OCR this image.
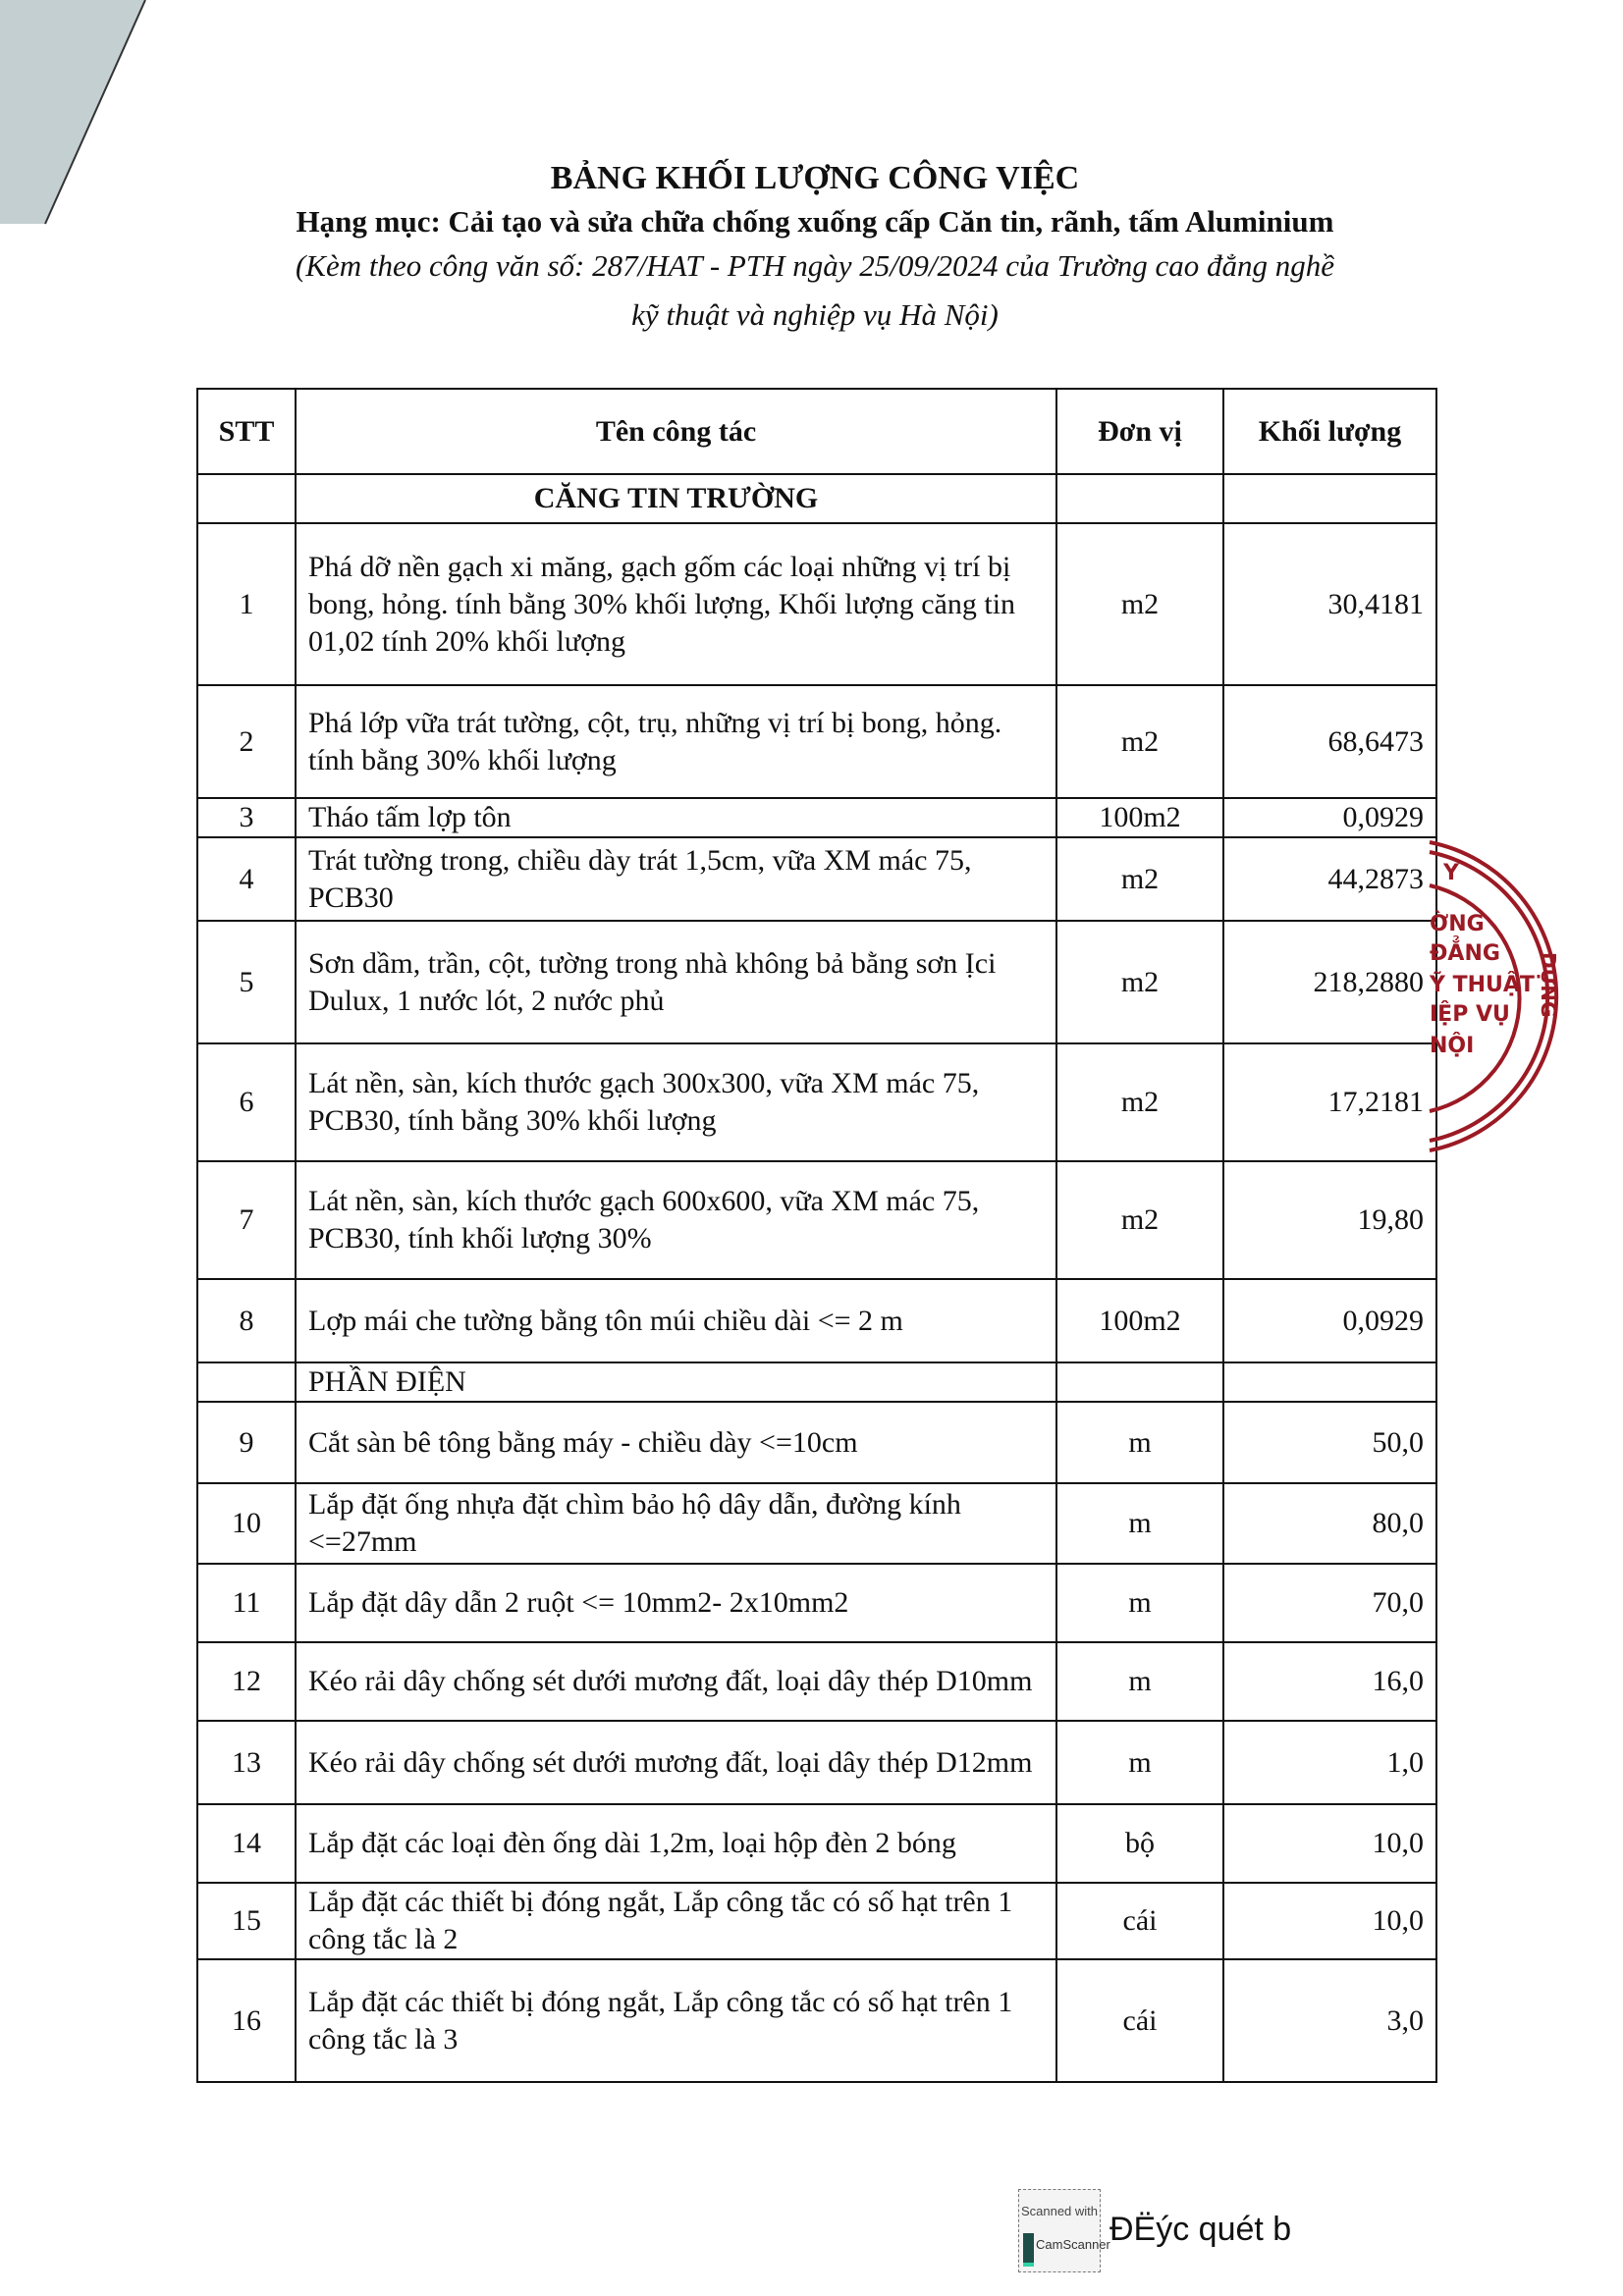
BẢNG KHỐI LƯỢNG CÔNG VIỆC
Hạng mục: Cải tạo và sửa chữa chống xuống cấp Căn tin, rãnh, tấm Aluminium
(Kèm theo công văn số: 287/HAT - PTH ngày 25/09/2024 của Trường cao đẳng nghề
kỹ thuật và nghiệp vụ Hà Nội)
STT	Tên công tác	Đơn vị	Khối lượng
	CĂNG TIN TRƯỜNG		
1	Phá dỡ nền gạch xi măng, gạch gốm các loại những vị trí bị bong, hỏng. tính bằng 30% khối lượng, Khối lượng căng tin 01,02 tính 20% khối lượng	m2	30,4181
2	Phá lớp vữa trát tường, cột, trụ, những vị trí bị bong, hỏng. tính bằng 30% khối lượng	m2	68,6473
3	Tháo tấm lợp tôn	100m2	0,0929
4	Trát tường trong, chiều dày trát 1,5cm, vữa XM mác 75, PCB30	m2	44,2873
5	Sơn dầm, trần, cột, tường trong nhà không bả bằng sơn Ịci Dulux, 1 nước lót, 2 nước phủ	m2	218,2880
6	Lát nền, sàn, kích thước gạch 300x300, vữa XM mác 75, PCB30, tính bằng 30% khối lượng	m2	17,2181
7	Lát nền, sàn, kích thước gạch 600x600, vữa XM mác 75, PCB30, tính khối lượng 30%	m2	19,80
8	Lợp mái che tường bằng tôn múi chiều dài <= 2 m	100m2	0,0929
	PHẦN ĐIỆN		
9	Cắt sàn bê tông bằng máy - chiều dày <=10cm	m	50,0
10	Lắp đặt ống nhựa đặt chìm bảo hộ dây dẫn, đường kính <=27mm	m	80,0
11	Lắp đặt dây dẫn 2 ruột <= 10mm2- 2x10mm2	m	70,0
12	Kéo rải dây chống sét dưới mương đất, loại dây thép D10mm	m	16,0
13	Kéo rải dây chống sét dưới mương đất, loại dây thép D12mm	m	1,0
14	Lắp đặt các loại đèn ống dài 1,2m, loại hộp đèn 2 bóng	bộ	10,0
15	Lắp đặt các thiết bị đóng ngắt, Lắp công tắc có số hạt trên 1 công tắc là 2	cái	10,0
16	Lắp đặt các thiết bị đóng ngắt, Lắp công tắc có số hạt trên 1 công tắc là 3	cái	3,0
Y
ỜNG
ĐẲNG
Ỹ THUẬT
IỆP VỤ
NỘI
DỰNG
Scanned with
CamScanner ĐËýc quét b
